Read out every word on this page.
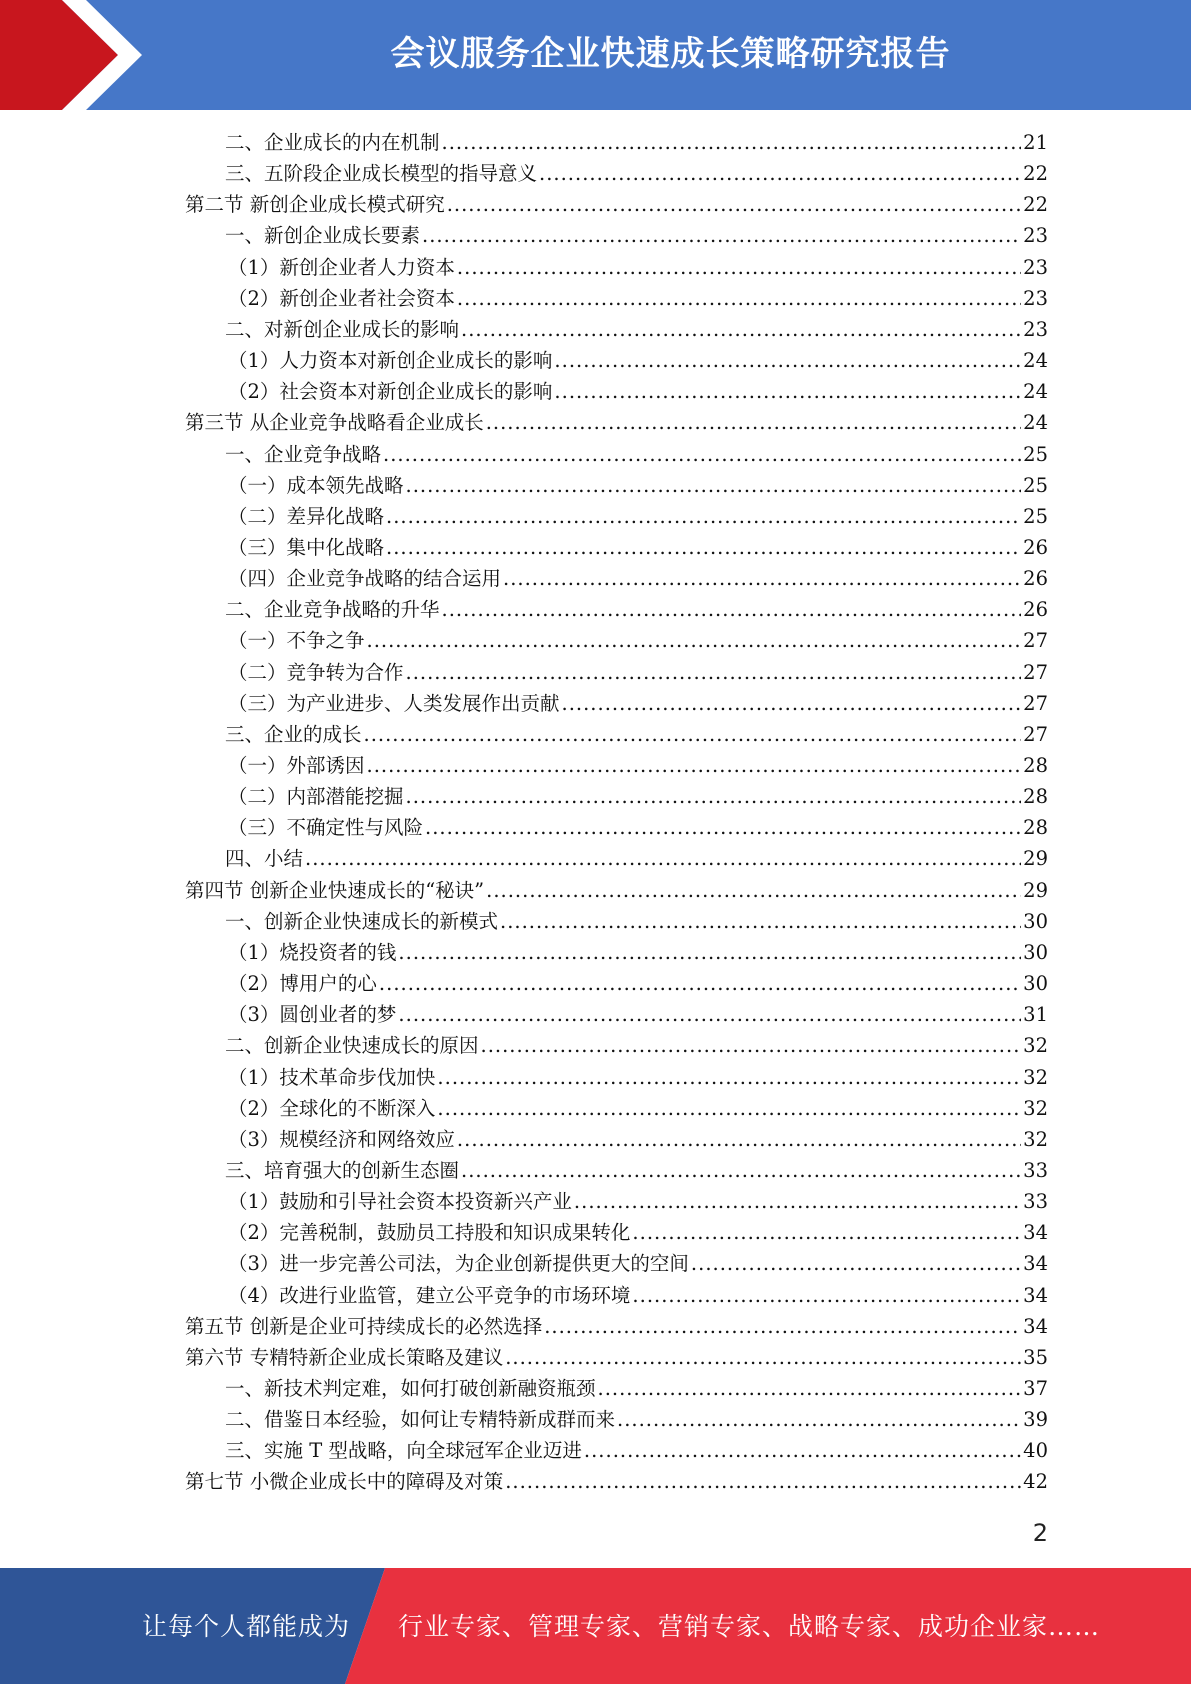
会议服务企业快速成长策略研究报告
二、企业成长的内在机制 .....	21
三、五阶段企业成长模型的指导意义 .....	22
第二节 新创企业成长模式研究 .....	22
一、新创企业成长要素 .....	23
（1）新创企业者人力资本 .....	23
（2）新创企业者社会资本 .....	23
二、对新创企业成长的影响 .....	23
（1）人力资本对新创企业成长的影响 .....	24
（2）社会资本对新创企业成长的影响 .....	24
第三节 从企业竞争战略看企业成长 .....	24
一、企业竞争战略 .....	25
（一）成本领先战略 .....	25
（二）差异化战略 .....	25
（三）集中化战略 .....	26
（四）企业竞争战略的结合运用 .....	26
二、企业竞争战略的升华 .....	26
（一）不争之争 .....	27
（二）竞争转为合作 .....	27
（三）为产业进步、人类发展作出贡献 .....	27
三、企业的成长 .....	27
（一）外部诱因 .....	28
（二）内部潜能挖掘 .....	28
（三）不确定性与风险 .....	28
四、小结 .....	29
第四节 创新企业快速成长的“秘诀” .....	29
一、创新企业快速成长的新模式 .....	30
（1）烧投资者的钱 .....	30
（2）博用户的心 .....	30
（3）圆创业者的梦 .....	31
二、创新企业快速成长的原因 .....	32
（1）技术革命步伐加快 .....	32
（2）全球化的不断深入 .....	32
（3）规模经济和网络效应 .....	32
三、培育强大的创新生态圈 .....	33
（1）鼓励和引导社会资本投资新兴产业 .....	33
（2）完善税制，鼓励员工持股和知识成果转化 .....	34
（3）进一步完善公司法，为企业创新提供更大的空间 .....	34
（4）改进行业监管，建立公平竞争的市场环境 .....	34
第五节 创新是企业可持续成长的必然选择 .....	34
第六节 专精特新企业成长策略及建议 .....	35
一、新技术判定难，如何打破创新融资瓶颈 .....	37
二、借鉴日本经验，如何让专精特新成群而来 .....	39
三、实施 T 型战略，向全球冠军企业迈进 .....	40
第七节 小微企业成长中的障碍及对策 .....	42
2
让每个人都能成为 行业专家、管理专家、营销专家、战略专家、成功企业家……
